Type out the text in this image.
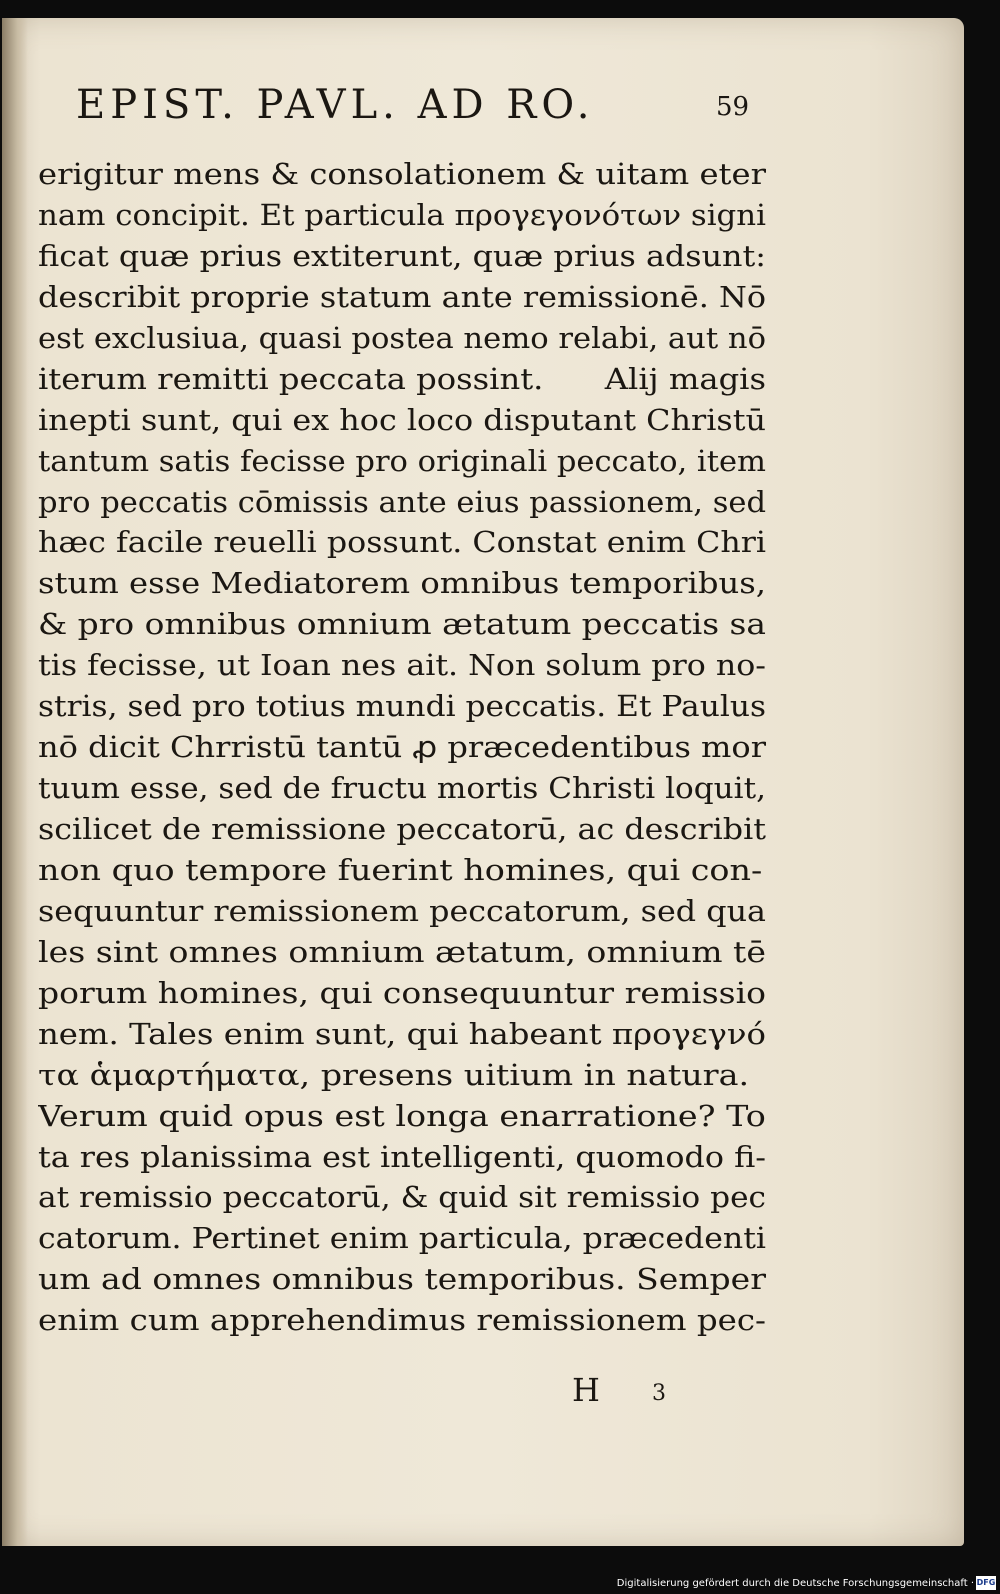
EPIST. PAVL. AD RO.	59
erigitur mens & consolationem & uitam eter
nam concipit. Et particula προγεγονότων signi
ficat quæ prius extiterunt, quæ prius adsunt:
describit proprie statum ante remissionē. Nō
est exclusiua, quasi postea nemo relabi, aut nō
iterum remitti peccata possint.      Alij magis
inepti sunt, qui ex hoc loco disputant Christū
tantum satis fecisse pro originali peccato, item
pro peccatis cōmissis ante eius passionem, sed
hæc facile reuelli possunt. Constat enim Chri
stum esse Mediatorem omnibus temporibus,
& pro omnibus omnium ætatum peccatis sa
tis fecisse, ut Ioan nes ait. Non solum pro no-
stris, sed pro totius mundi peccatis. Et Paulus
nō dicit Chrristū tantū ꝓ præcedentibus mor
tuum esse, sed de fructu mortis Christi loquit,
scilicet de remissione peccatorū, ac describit
non quo tempore fuerint homines, qui con-
sequuntur remissionem peccatorum, sed qua
les sint omnes omnium ætatum, omnium tē
porum homines, qui consequuntur remissio
nem. Tales enim sunt, qui habeant προγεγνό
τα ἁμαρτήματα, presens uitium in natura.
Verum quid opus est longa enarratione? To
ta res planissima est intelligenti, quomodo fi-
at remissio peccatorū, & quid sit remissio pec
catorum. Pertinet enim particula, præcedenti
um ad omnes omnibus temporibus. Semper
enim cum apprehendimus remissionem pec-
H 3
Digitalisierung gefördert durch die Deutsche Forschungsgemeinschaft · DFG
